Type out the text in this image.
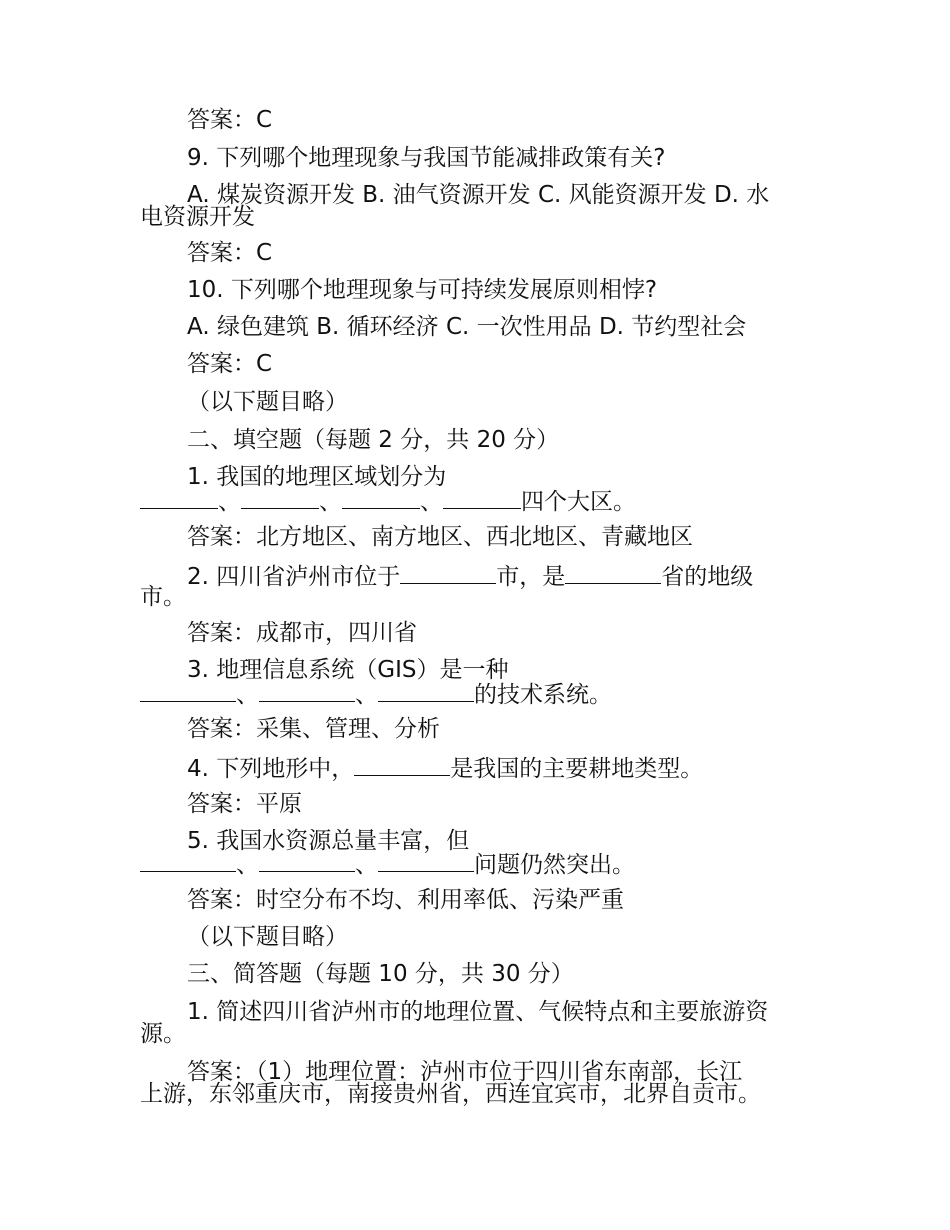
答案：C

9. 下列哪个地理现象与我国节能减排政策有关?

A. 煤炭资源开发 B. 油气资源开发 C. 风能资源开发 D. 水

电资源开发

答案：C

10. 下列哪个地理现象与可持续发展原则相悖?

A. 绿色建筑 B. 循环经济 C. 一次性用品 D. 节约型社会

答案：C

（以下题目略）

二、填空题（每题 2 分，共 20 分）

1. 我国的地理区域划分为

、	、	、	四个大区。

答案：北方地区、南方地区、西北地区、青藏地区

2. 四川省泸州市位于	市，是	省的地级

市。

答案：成都市，四川省

3. 地理信息系统（GIS）是一种

、	、	的技术系统。

答案：采集、管理、分析

4. 下列地形中，	是我国的主要耕地类型。

答案：平原

5. 我国水资源总量丰富，但

、	、	问题仍然突出。

答案：时空分布不均、利用率低、污染严重

（以下题目略）

三、简答题（每题 10 分，共 30 分）

1. 简述四川省泸州市的地理位置、气候特点和主要旅游资

源。

答案：（1）地理位置：泸州市位于四川省东南部，长江

上游，东邻重庆市，南接贵州省，西连宜宾市，北界自贡市。
